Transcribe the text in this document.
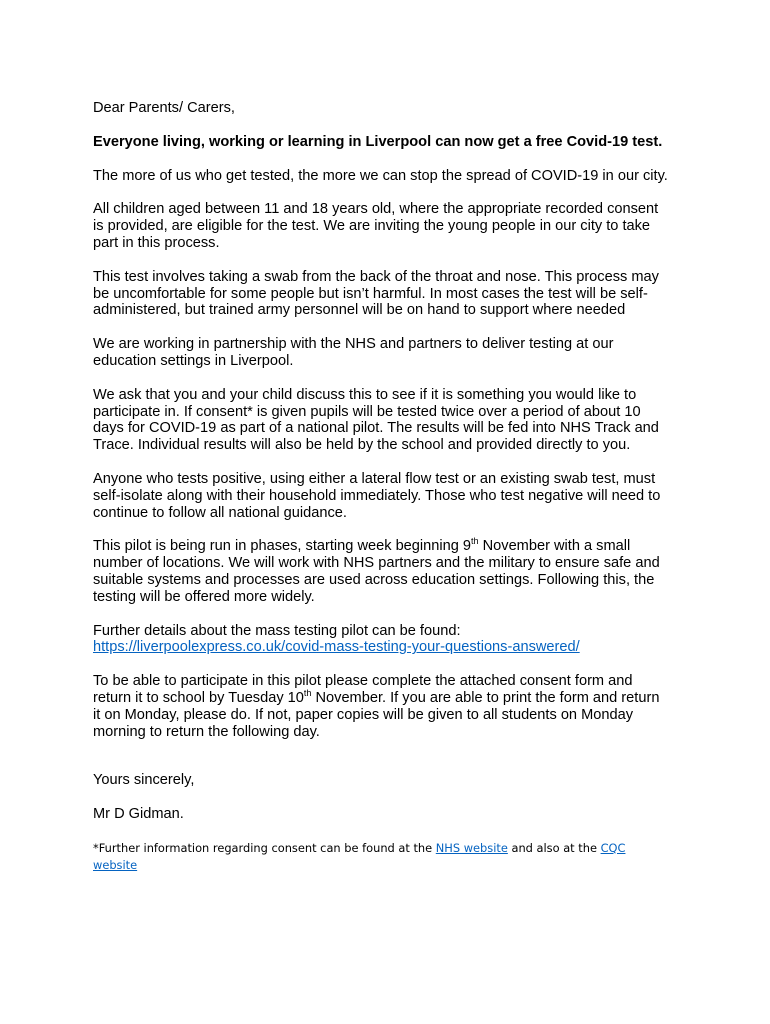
Dear Parents/ Carers,

Everyone living, working or learning in Liverpool can now get a free Covid-19 test.

The more of us who get tested, the more we can stop the spread of COVID-19 in our city.

All children aged between 11 and 18 years old, where the appropriate recorded consent is provided, are eligible for the test. We are inviting the young people in our city to take part in this process.

This test involves taking a swab from the back of the throat and nose. This process may be uncomfortable for some people but isn’t harmful. In most cases the test will be self-administered, but trained army personnel will be on hand to support where needed

We are working in partnership with the NHS and partners to deliver testing at our education settings in Liverpool.

We ask that you and your child discuss this to see if it is something you would like to participate in. If consent* is given pupils will be tested twice over a period of about 10 days for COVID-19 as part of a national pilot. The results will be fed into NHS Track and Trace. Individual results will also be held by the school and provided directly to you.

Anyone who tests positive, using either a lateral flow test or an existing swab test, must self-isolate along with their household immediately. Those who test negative will need to continue to follow all national guidance.

This pilot is being run in phases, starting week beginning 9th November with a small number of locations. We will work with NHS partners and the military to ensure safe and suitable systems and processes are used across education settings. Following this, the testing will be offered more widely.

Further details about the mass testing pilot can be found:
https://liverpoolexpress.co.uk/covid-mass-testing-your-questions-answered/

To be able to participate in this pilot please complete the attached consent form and return it to school by Tuesday 10th November. If you are able to print the form and return it on Monday, please do. If not, paper copies will be given to all students on Monday morning to return the following day.

Yours sincerely,

Mr D Gidman.

*Further information regarding consent can be found at the NHS website and also at the CQC website
